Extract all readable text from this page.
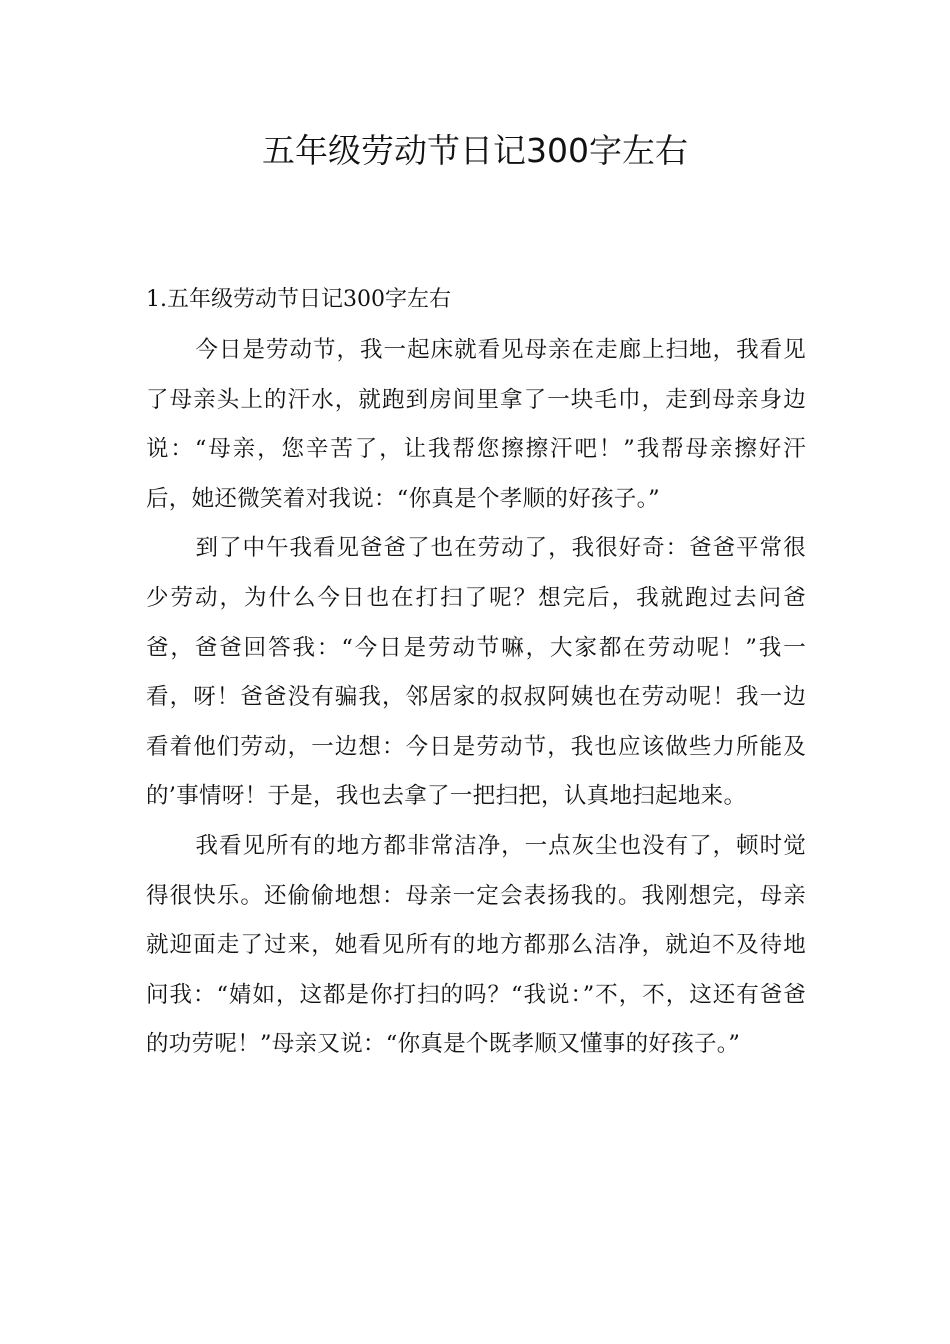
五年级劳动节日记300字左右
1.五年级劳动节日记300字左右

今日是劳动节，我一起床就看见母亲在走廊上扫地，我看见了母亲头上的汗水，就跑到房间里拿了一块毛巾，走到母亲身边说：“母亲，您辛苦了，让我帮您擦擦汗吧！”我帮母亲擦好汗后，她还微笑着对我说：“你真是个孝顺的好孩子。”

到了中午我看见爸爸了也在劳动了，我很好奇：爸爸平常很少劳动，为什么今日也在打扫了呢？想完后，我就跑过去问爸爸，爸爸回答我：“今日是劳动节嘛，大家都在劳动呢！”我一看，呀！爸爸没有骗我，邻居家的叔叔阿姨也在劳动呢！我一边看着他们劳动，一边想：今日是劳动节，我也应该做些力所能及的’事情呀！于是，我也去拿了一把扫把，认真地扫起地来。

我看见所有的地方都非常洁净，一点灰尘也没有了，顿时觉得很快乐。还偷偷地想：母亲一定会表扬我的。我刚想完，母亲就迎面走了过来，她看见所有的地方都那么洁净，就迫不及待地问我：“婧如，这都是你打扫的吗？“我说：”不，不，这还有爸爸的功劳呢！”母亲又说：“你真是个既孝顺又懂事的好孩子。”
